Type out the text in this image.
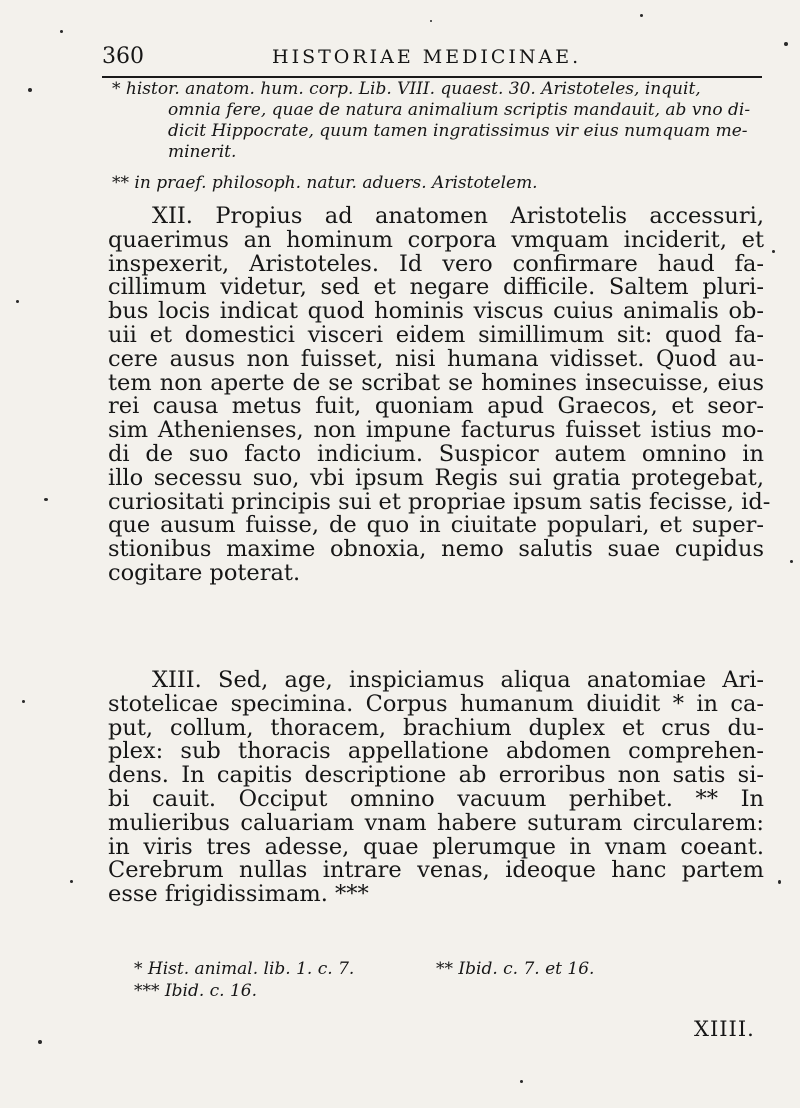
360	HISTORIAE MEDICINAE.

* histor. anatom. hum. corp. Lib. VIII. quaest. 30. Aristoteles, inquit,

omnia fere, quae de natura animalium scriptis mandauit, ab vno di-

dicit Hippocrate, quum tamen ingratissimus vir eius numquam me-

minerit.

** in praef. philosoph. natur. aduers. Aristotelem.

XII. Propius ad anatomen Aristotelis accessuri,

quaerimus an hominum corpora vmquam inciderit, et

inspexerit, Aristoteles. Id vero confirmare haud fa-

cillimum videtur, sed et negare difficile. Saltem pluri-

bus locis indicat quod hominis viscus cuius animalis ob-

uii et domestici visceri eidem simillimum sit: quod fa-

cere ausus non fuisset, nisi humana vidisset. Quod au-

tem non aperte de se scribat se homines insecuisse, eius

rei causa metus fuit, quoniam apud Graecos, et seor-

sim Athenienses, non impune facturus fuisset istius mo-

di de suo facto indicium. Suspicor autem omnino in

illo secessu suo, vbi ipsum Regis sui gratia protegebat,

curiositati principis sui et propriae ipsum satis fecisse, id-

que ausum fuisse, de quo in ciuitate populari, et super-

stionibus maxime obnoxia, nemo salutis suae cupidus

cogitare poterat.

XIII. Sed, age, inspiciamus aliqua anatomiae Ari-

stotelicae specimina. Corpus humanum diuidit * in ca-

put, collum, thoracem, brachium duplex et crus du-

plex: sub thoracis appellatione abdomen comprehen-

dens. In capitis descriptione ab erroribus non satis si-

bi cauit. Occiput omnino vacuum perhibet. ** In

mulieribus caluariam vnam habere suturam circularem:

in viris tres adesse, quae plerumque in vnam coeant.

Cerebrum nullas intrare venas, ideoque hanc partem

esse frigidissimam. ***

* Hist. animal. lib. 1. c. 7.	** Ibid. c. 7. et 16.

*** Ibid. c. 16.

XIIII.
